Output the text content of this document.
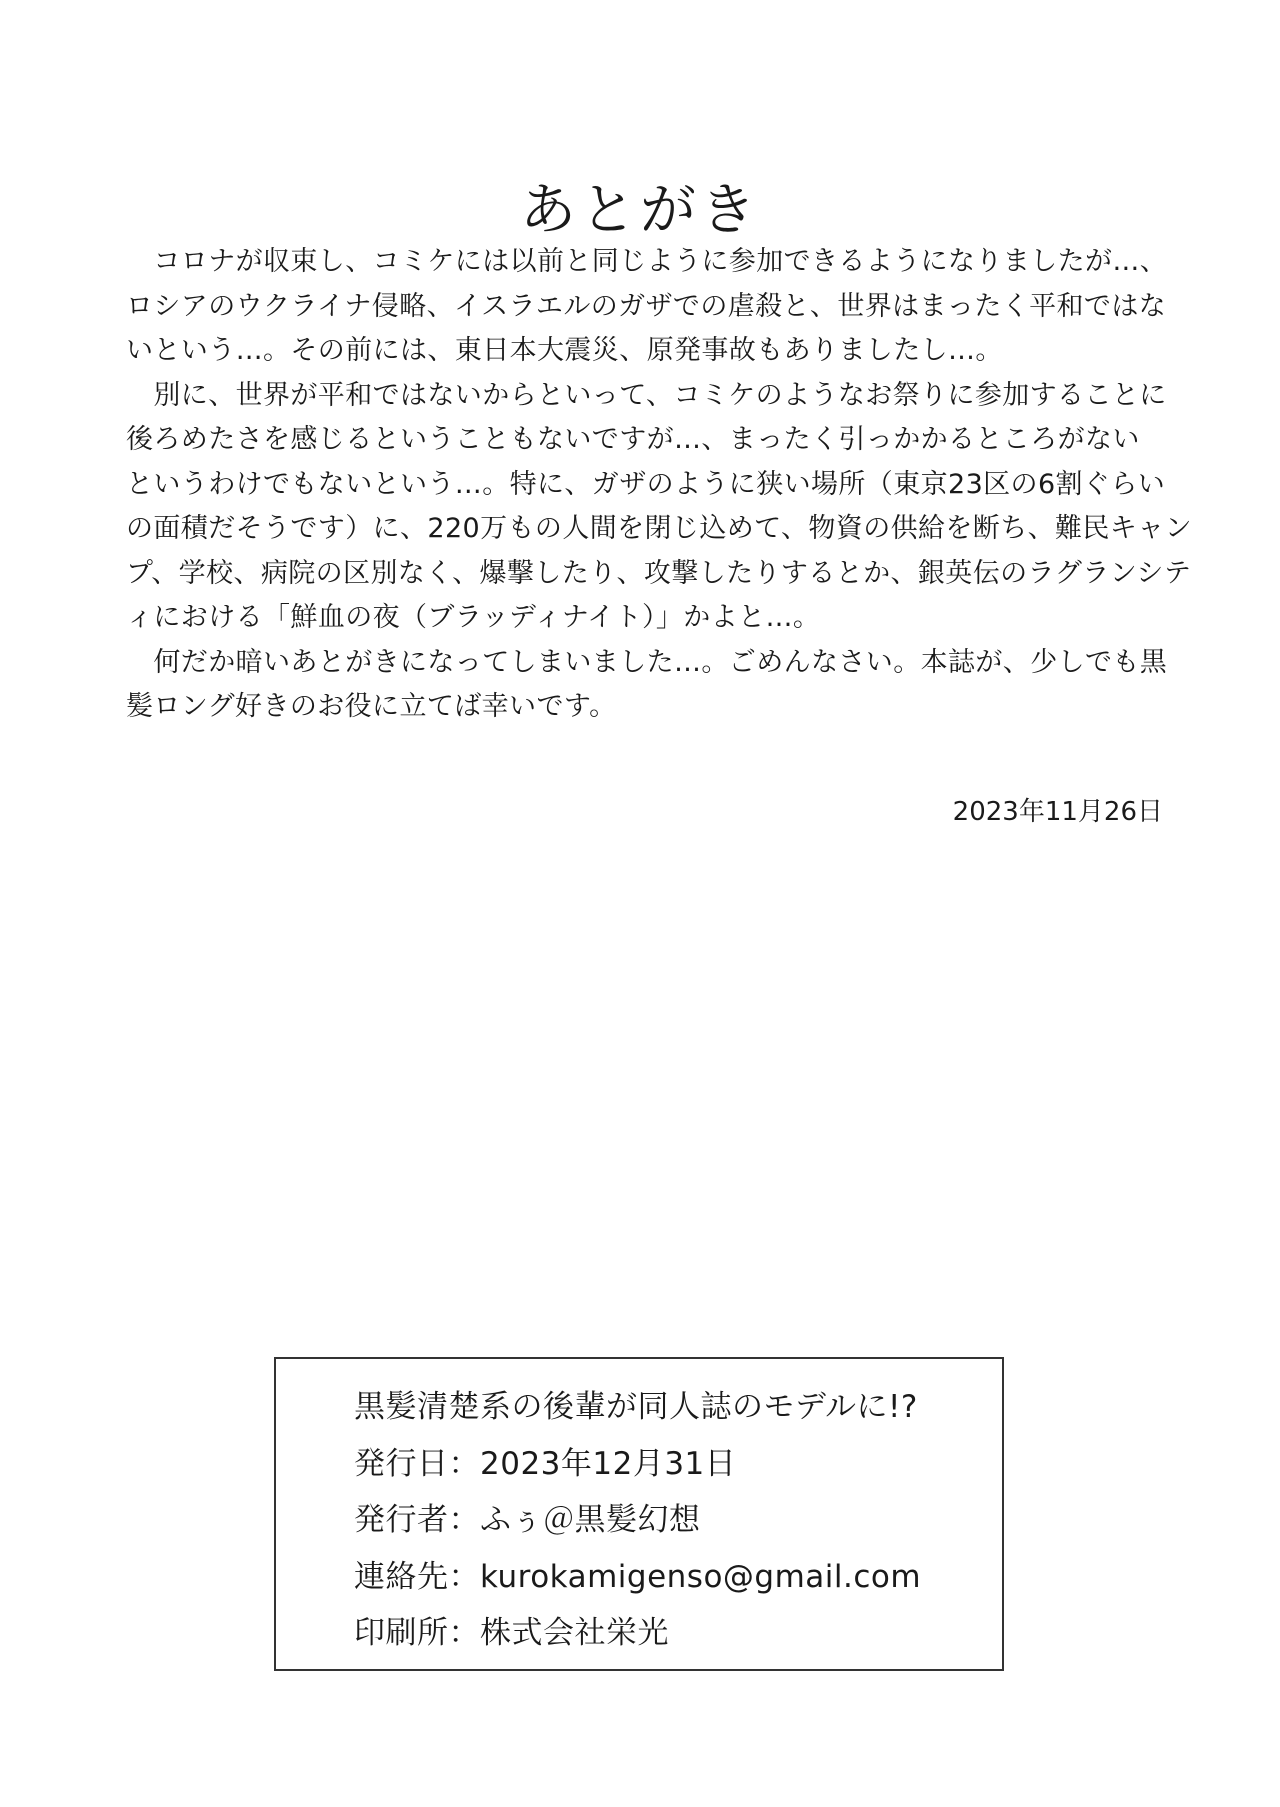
あとがき
　コロナが収束し、コミケには以前と同じように参加できるようになりましたが…、
ロシアのウクライナ侵略、イスラエルのガザでの虐殺と、世界はまったく平和ではな
いという…。その前には、東日本大震災、原発事故もありましたし…。
　別に、世界が平和ではないからといって、コミケのようなお祭りに参加することに
後ろめたさを感じるということもないですが…、まったく引っかかるところがない
というわけでもないという…。特に、ガザのように狭い場所（東京23区の6割ぐらい
の面積だそうです）に、220万もの人間を閉じ込めて、物資の供給を断ち、難民キャン
プ、学校、病院の区別なく、爆撃したり、攻撃したりするとか、銀英伝のラグランシテ
ィにおける「鮮血の夜（ブラッディナイト）」かよと…。
　何だか暗いあとがきになってしまいました…。ごめんなさい。本誌が、少しでも黒
髪ロング好きのお役に立てば幸いです。
2023年11月26日
黒髪清楚系の後輩が同人誌のモデルに!?
発行日：2023年12月31日
発行者：ふぅ＠黒髪幻想
連絡先：kurokamigenso@gmail.com
印刷所：株式会社栄光
